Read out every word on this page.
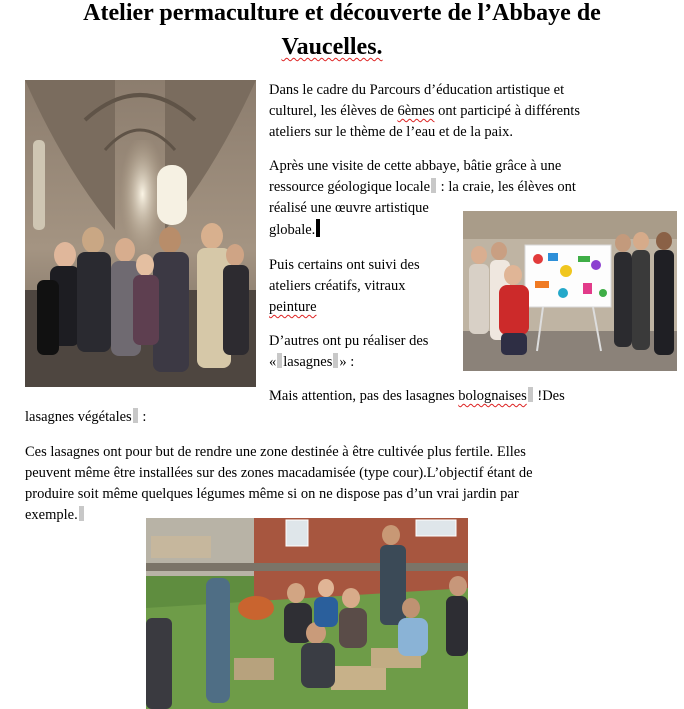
Atelier permaculture et découverte de l’Abbaye de
Vaucelles.
Dans le cadre du Parcours d’éducation artistique et
culturel, les élèves de 6èmes ont participé à différents
ateliers sur le thème de l’eau et de la paix.
Après une visite de cette abbaye, bâtie grâce à une
ressource géologique locale : la craie, les élèves ont
réalisé une œuvre artistique
globale.
Puis certains ont suivi des
ateliers créatifs, vitraux
peinture
D’autres ont pu réaliser des
« lasagnes » :
Mais attention, pas des lasagnes bolognaises !Des
lasagnes végétales :
Ces lasagnes ont pour but de rendre une zone destinée à être cultivée plus fertile. Elles
peuvent même être installées sur des zones macadamisée (type cour).L’objectif étant de
produire soit même quelques légumes même si on ne dispose pas d’un vrai jardin par
exemple.
